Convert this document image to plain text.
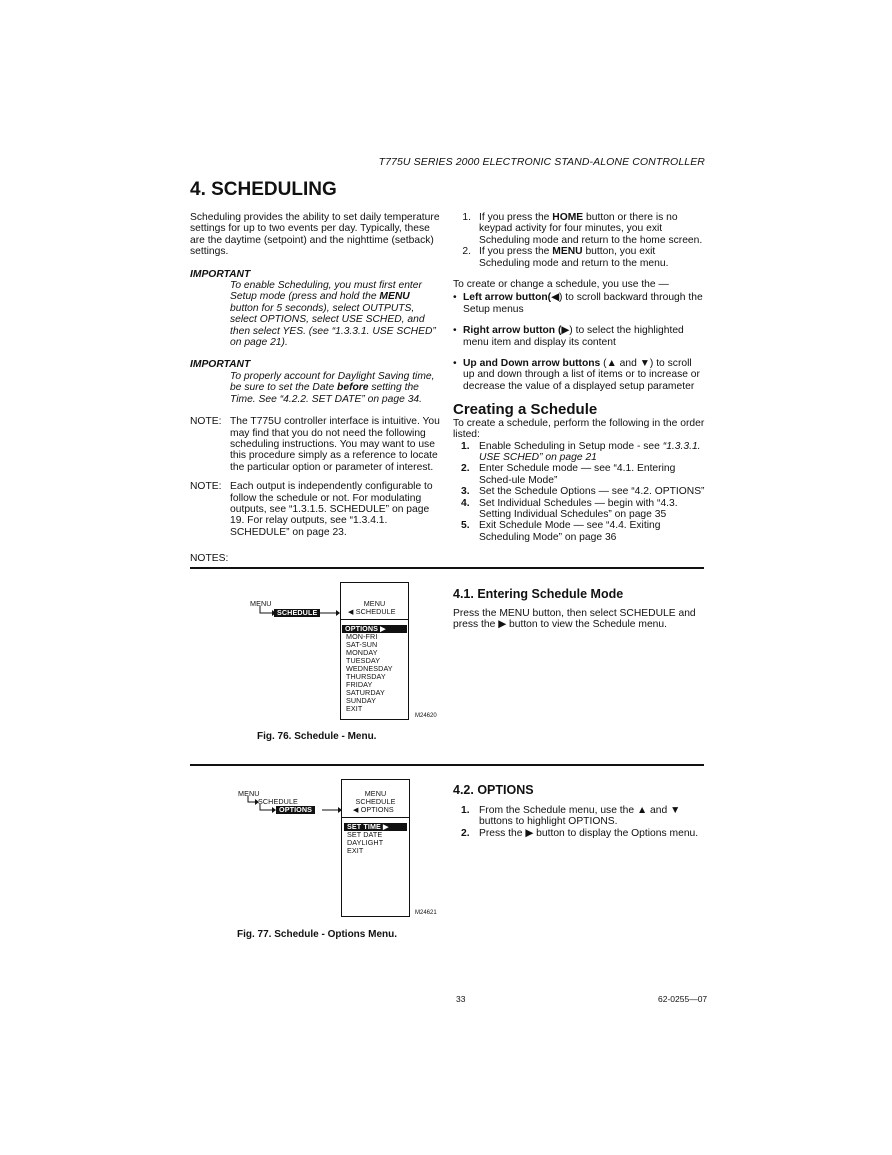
T775U SERIES 2000 ELECTRONIC STAND-ALONE CONTROLLER
4. SCHEDULING
Scheduling provides the ability to set daily temperature settings for up to two events per day. Typically, these are the daytime (setpoint) and the nighttime (setback) settings.
IMPORTANT
To enable Scheduling, you must first enter Setup mode (press and hold the MENU button for 5 seconds), select OUTPUTS, select OPTIONS, select USE SCHED, and then select YES. (see “1.3.3.1. USE SCHED” on page 21).
IMPORTANT
To properly account for Daylight Saving time, be sure to set the Date before setting the Time. See “4.2.2. SET DATE” on page 34.
NOTE: The T775U controller interface is intuitive. You may find that you do not need the following scheduling instructions. You may want to use this procedure simply as a reference to locate the particular option or parameter of interest.
NOTE: Each output is independently configurable to follow the schedule or not. For modulating outputs, see “1.3.1.5. SCHEDULE” on page 19. For relay outputs, see “1.3.4.1. SCHEDULE” on page 23.
NOTES:
1. If you press the HOME button or there is no keypad activity for four minutes, you exit Scheduling mode and return to the home screen.
2. If you press the MENU button, you exit Scheduling mode and return to the menu.
To create or change a schedule, you use the —
• Left arrow button(◀) to scroll backward through the Setup menus
• Right arrow button (▶) to select the highlighted menu item and display its content
• Up and Down arrow buttons (▲ and ▼) to scroll up and down through a list of items or to increase or decrease the value of a displayed setup parameter
Creating a Schedule
To create a schedule, perform the following in the order listed:
1. Enable Scheduling in Setup mode - see “1.3.3.1. USE SCHED” on page 21
2. Enter Schedule mode — see “4.1. Entering Sched-ule Mode”
3. Set the Schedule Options — see “4.2. OPTIONS”
4. Set Individual Schedules — begin with “4.3. Setting Individual Schedules” on page 35
5. Exit Schedule Mode — see “4.4. Exiting Scheduling Mode” on page 36
MENU
SCHEDULE
MENU
◀ SCHEDULE
OPTIONS ▶
MON-FRI
SAT-SUN
MONDAY
TUESDAY
WEDNESDAY
THURSDAY
FRIDAY
SATURDAY
SUNDAY
EXIT
M24620
Fig. 76. Schedule - Menu.
4.1. Entering Schedule Mode
Press the MENU button, then select SCHEDULE and press the ▶ button to view the Schedule menu.
MENU
SCHEDULE
OPTIONS
MENU
SCHEDULE
◀ OPTIONS
SET TIME ▶
SET DATE
DAYLIGHT
EXIT
M24621
Fig. 77. Schedule - Options Menu.
4.2. OPTIONS
1. From the Schedule menu, use the ▲ and ▼ buttons to highlight OPTIONS.
2. Press the ▶ button to display the Options menu.
33	62-0255—07
